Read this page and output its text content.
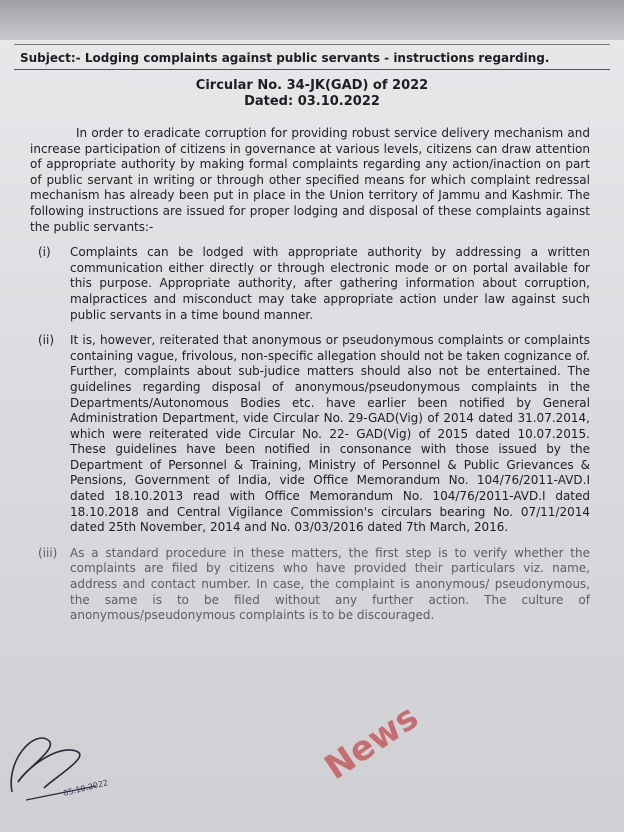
Subject:- Lodging complaints against public servants - instructions regarding.
Circular No. 34-JK(GAD) of 2022
Dated: 03.10.2022

In order to eradicate corruption for providing robust service delivery mechanism and increase participation of citizens in governance at various levels, citizens can draw attention of appropriate authority by making formal complaints regarding any action/inaction on part of public servant in writing or through other specified means for which complaint redressal mechanism has already been put in place in the Union territory of Jammu and Kashmir. The following instructions are issued for proper lodging and disposal of these complaints against the public servants:-

(i) Complaints can be lodged with appropriate authority by addressing a written communication either directly or through electronic mode or on portal available for this purpose. Appropriate authority, after gathering information about corruption, malpractices and misconduct may take appropriate action under law against such public servants in a time bound manner.
(ii) It is, however, reiterated that anonymous or pseudonymous complaints or complaints containing vague, frivolous, non-specific allegation should not be taken cognizance of. Further, complaints about sub-judice matters should also not be entertained. The guidelines regarding disposal of anonymous/pseudonymous complaints in the Departments/Autonomous Bodies etc. have earlier been notified by General Administration Department, vide Circular No. 29-GAD(Vig) of 2014 dated 31.07.2014, which were reiterated vide Circular No. 22- GAD(Vig) of 2015 dated 10.07.2015. These guidelines have been notified in consonance with those issued by the Department of Personnel & Training, Ministry of Personnel & Public Grievances & Pensions, Government of India, vide Office Memorandum No. 104/76/2011-AVD.I dated 18.10.2013 read with Office Memorandum No. 104/76/2011-AVD.I dated 18.10.2018 and Central Vigilance Commission's circulars bearing No. 07/11/2014 dated 25th November, 2014 and No. 03/03/2016 dated 7th March, 2016.
(iii) As a standard procedure in these matters, the first step is to verify whether the complaints are filed by citizens who have provided their particulars viz. name, address and contact number. In case, the complaint is anonymous/ pseudonymous, the same is to be filed without any further action. The culture of anonymous/pseudonymous complaints is to be discouraged.
05.10.2022
News
